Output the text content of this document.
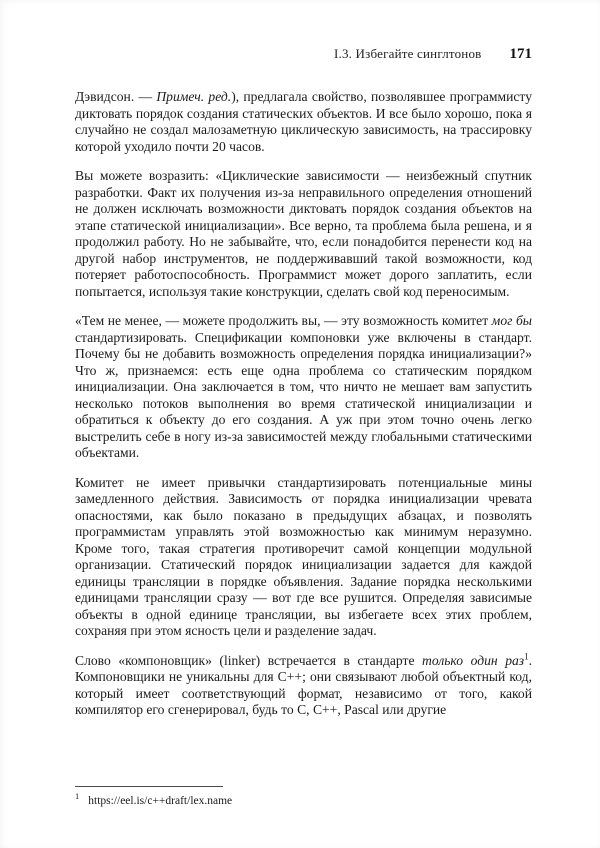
I.3. Избегайте синглтонов 171

Дэвидсон. — Примеч. ред.), предлагала свойство, позволявшее программисту диктовать порядок создания статических объектов. И все было хорошо, пока я случайно не создал малозаметную циклическую зависимость, на трассировку которой уходило почти 20 часов.

Вы можете возразить: «Циклические зависимости — неизбежный спутник разработки. Факт их получения из-за неправильного определения отношений не должен исключать возможности диктовать порядок создания объектов на этапе статической инициализации». Все верно, та проблема была решена, и я продолжил работу. Но не забывайте, что, если понадобится перенести код на другой набор инструментов, не поддерживавший такой возможности, код потеряет работоспособность. Программист может дорого заплатить, если попытается, используя такие конструкции, сделать свой код переносимым.

«Тем не менее, — можете продолжить вы, — эту возможность комитет мог бы стандартизировать. Спецификации компоновки уже включены в стандарт. Почему бы не добавить возможность определения порядка инициализации?» Что ж, признаемся: есть еще одна проблема со статическим порядком инициализации. Она заключается в том, что ничто не мешает вам запустить несколько потоков выполнения во время статической инициализации и обратиться к объекту до его создания. А уж при этом точно очень легко выстрелить себе в ногу из-за зависимостей между глобальными статическими объектами.

Комитет не имеет привычки стандартизировать потенциальные мины замедленного действия. Зависимость от порядка инициализации чревата опасностями, как было показано в предыдущих абзацах, и позволять программистам управлять этой возможностью как минимум неразумно. Кроме того, такая стратегия противоречит самой концепции модульной организации. Статический порядок инициализации задается для каждой единицы трансляции в порядке объявления. Задание порядка несколькими единицами трансляции сразу — вот где все рушится. Определяя зависимые объекты в одной единице трансляции, вы избегаете всех этих проблем, сохраняя при этом ясность цели и разделение задач.

Слово «компоновщик» (linker) встречается в стандарте только один раз$^1$. Компоновщики не уникальны для C++; они связывают любой объектный код, который имеет соответствующий формат, независимо от того, какой компилятор его сгенерировал, будь то C, C++, Pascal или другие

$^1$ https://eel.is/c++draft/lex.name
